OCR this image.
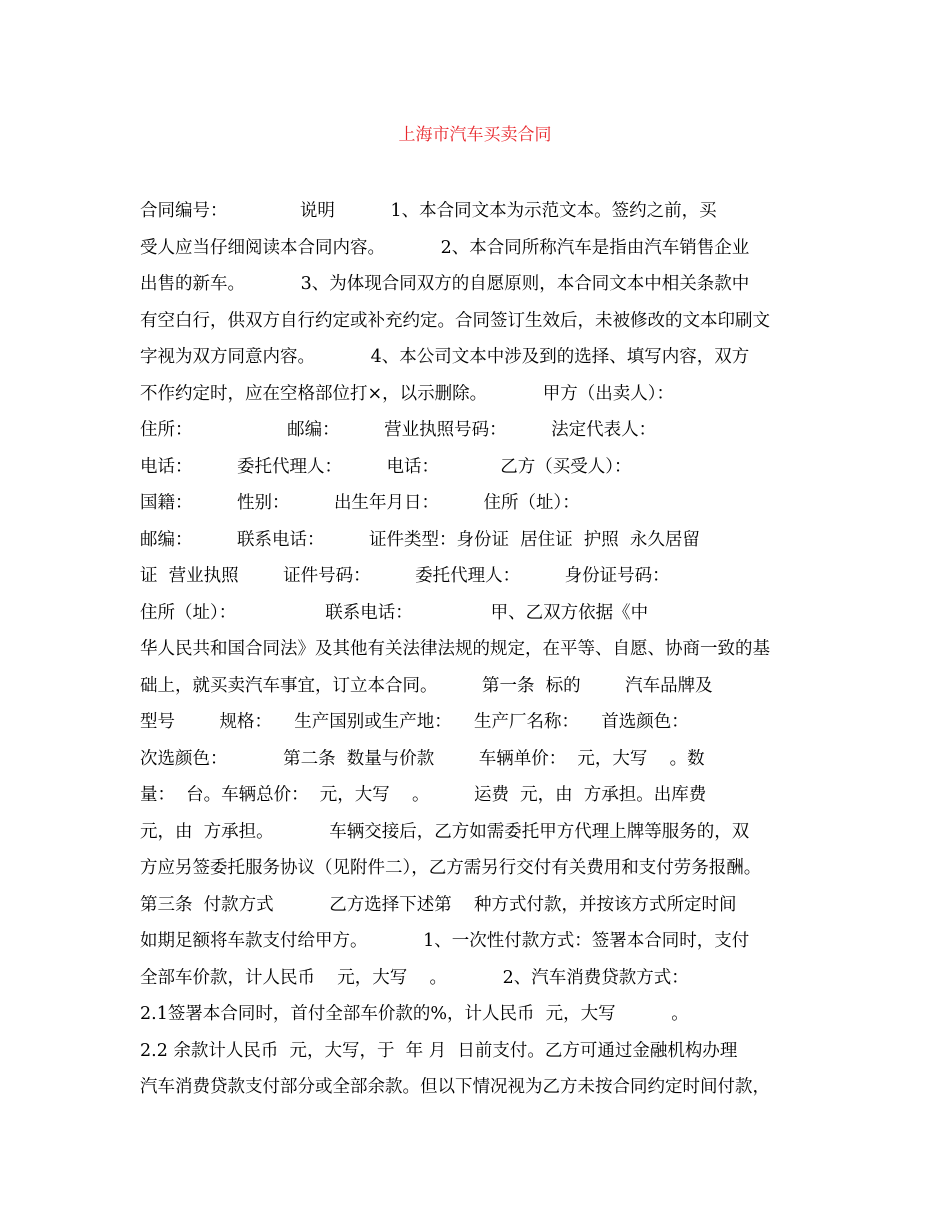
上海市汽车买卖合同
合同编号：             说明          1、本合同文本为示范文本。签约之前，买
受人应当仔细阅读本合同内容。          2、本合同所称汽车是指由汽车销售企业
出售的新车。          3、为体现合同双方的自愿原则，本合同文本中相关条款中
有空白行，供双方自行约定或补充约定。合同签订生效后，未被修改的文本印刷文
字视为双方同意内容。          4、本公司文本中涉及到的选择、填写内容，双方
不作约定时，应在空格部位打×，以示删除。          甲方（出卖人）：
住所：                 邮编：        营业执照号码：        法定代表人：
电话：        委托代理人：        电话：           乙方（买受人）：
国籍：        性别：        出生年月日：        住所（址）：
邮编：        联系电话：        证件类型：身份证  居住证  护照  永久居留
证  营业执照        证件号码：        委托代理人：        身份证号码：
住所（址）：                联系电话：              甲、乙双方依据《中
华人民共和国合同法》及其他有关法律法规的规定，在平等、自愿、协商一致的基
础上，就买卖汽车事宜，订立本合同。        第一条  标的        汽车品牌及
型号        规格：    生产国别或生产地：    生产厂名称：    首选颜色：
次选颜色：          第二条  数量与价款        车辆单价：  元，大写    。数
量：  台。车辆总价：  元，大写    。        运费  元，由  方承担。出库费
元，由  方承担。          车辆交接后，乙方如需委托甲方代理上牌等服务的，双
方应另签委托服务协议（见附件二），乙方需另行交付有关费用和支付劳务报酬。
第三条  付款方式          乙方选择下述第    种方式付款，并按该方式所定时间
如期足额将车款支付给甲方。          1、一次性付款方式：签署本合同时，支付
全部车价款，计人民币    元，大写    。          2、汽车消费贷款方式：
2.1签署本合同时，首付全部车价款的%，计人民币  元，大写          。
2.2 余款计人民币  元，大写，于  年 月  日前支付。乙方可通过金融机构办理
汽车消费贷款支付部分或全部余款。但以下情况视为乙方未按合同约定时间付款，
